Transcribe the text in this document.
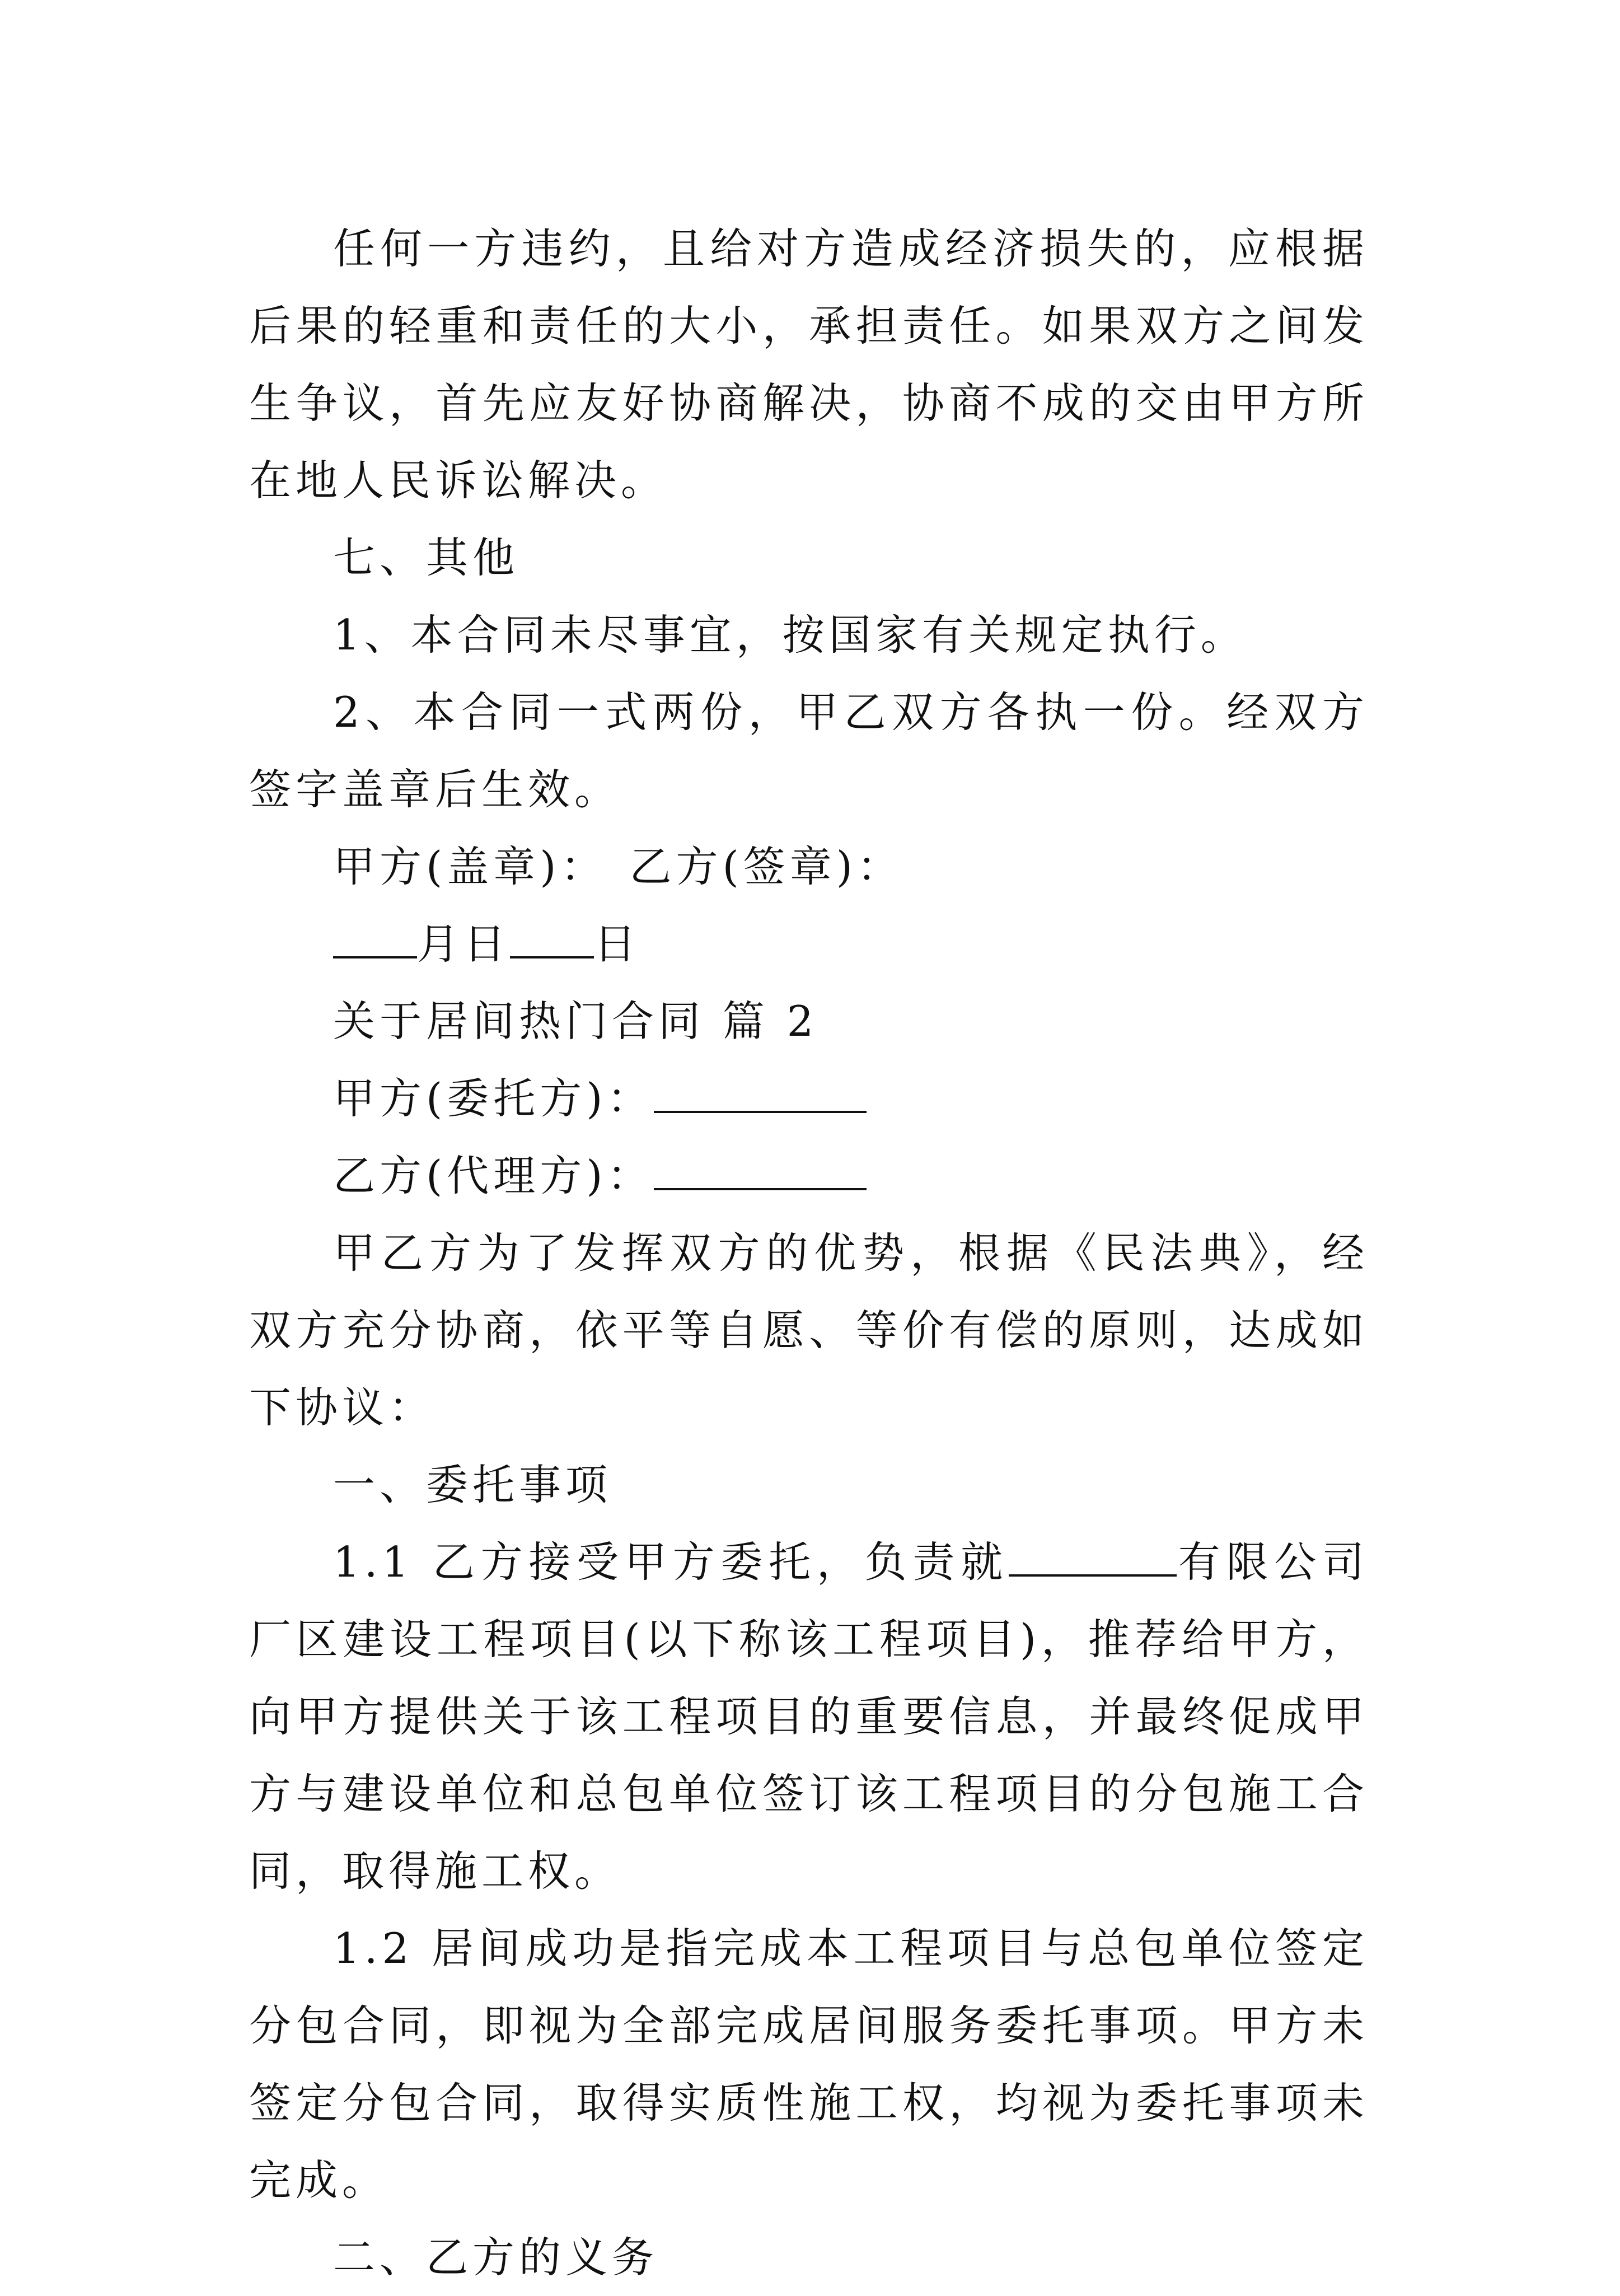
任何一方违约，且给对方造成经济损失的，应根据后果的轻重和责任的大小，承担责任。如果双方之间发生争议，首先应友好协商解决，协商不成的交由甲方所在地人民诉讼解决。

七、其他

1、本合同未尽事宜，按国家有关规定执行。

2、本合同一式两份，甲乙双方各执一份。经双方签字盖章后生效。

甲方(盖章)： 乙方(签章)：

月日 日

关于居间热门合同 篇 2

甲方(委托方)：

乙方(代理方)：

甲乙方为了发挥双方的优势，根据《民法典》，经双方充分协商，依平等自愿、等价有偿的原则，达成如下协议：

一、委托事项

1.1 乙方接受甲方委托，负责就	有限公司厂区建设工程项目(以下称该工程项目)，推荐给甲方，向甲方提供关于该工程项目的重要信息，并最终促成甲方与建设单位和总包单位签订该工程项目的分包施工合同，取得施工权。

1.2 居间成功是指完成本工程项目与总包单位签定分包合同，即视为全部完成居间服务委托事项。甲方未签定分包合同，取得实质性施工权，均视为委托事项未完成。

二、乙方的义务
